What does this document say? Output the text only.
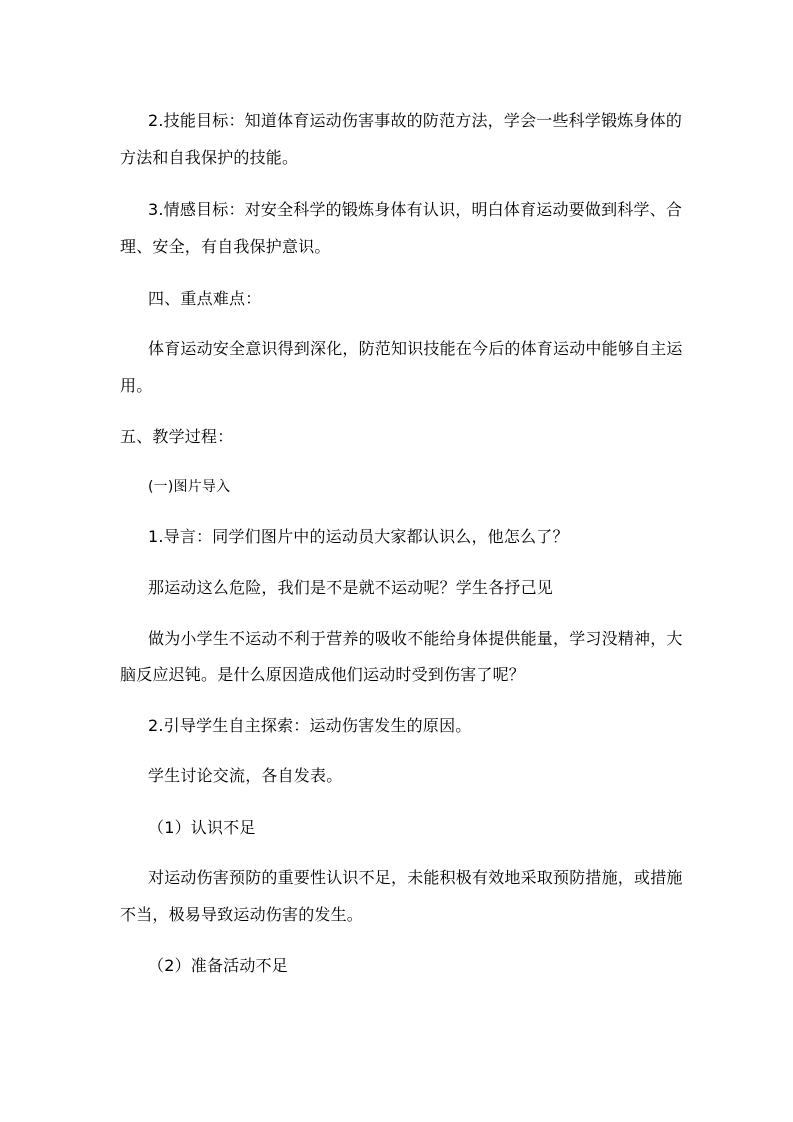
2.技能目标：知道体育运动伤害事故的防范方法，学会一些科学锻炼身体的
方法和自我保护的技能。
3.情感目标：对安全科学的锻炼身体有认识，明白体育运动要做到科学、合
理、安全，有自我保护意识。
四、重点难点：
体育运动安全意识得到深化，防范知识技能在今后的体育运动中能够自主运
用。
五、教学过程：
(一)图片导入
1.导言：同学们图片中的运动员大家都认识么，他怎么了？
那运动这么危险，我们是不是就不运动呢？学生各抒己见
做为小学生不运动不利于营养的吸收不能给身体提供能量，学习没精神，大
脑反应迟钝。是什么原因造成他们运动时受到伤害了呢？
2.引导学生自主探索：运动伤害发生的原因。
学生讨论交流，各自发表。
（1）认识不足
对运动伤害预防的重要性认识不足，未能积极有效地采取预防措施，或措施
不当，极易导致运动伤害的发生。
（2）准备活动不足
